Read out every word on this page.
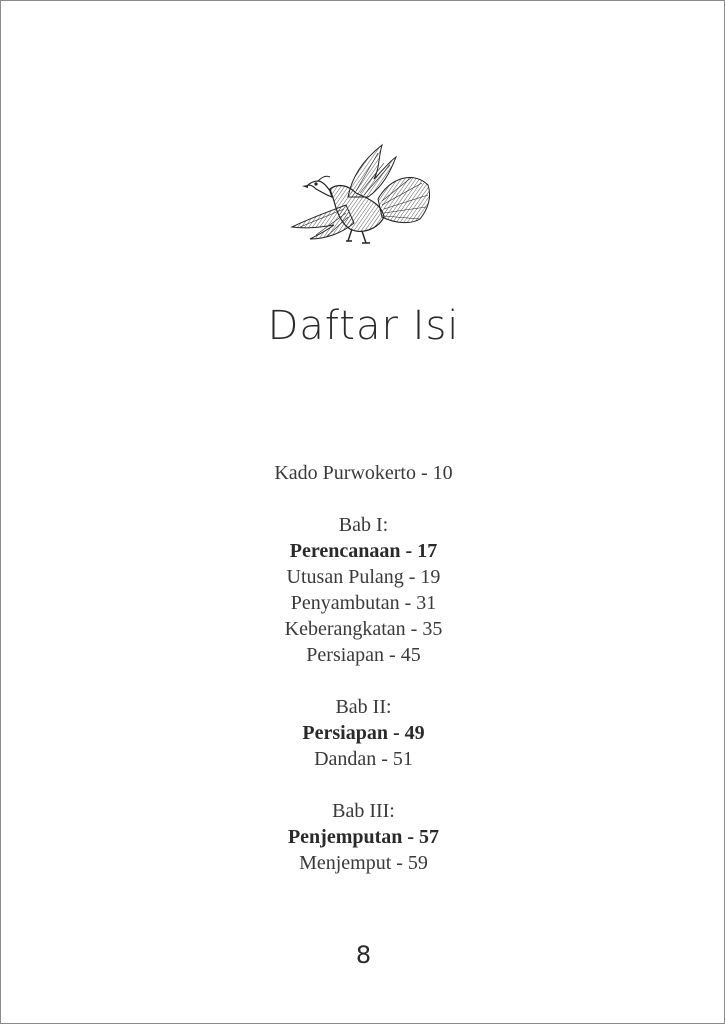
Daftar Isi
Kado Purwokerto - 10
Bab I:
Perencanaan - 17
Utusan Pulang - 19
Penyambutan - 31
Keberangkatan - 35
Persiapan - 45
Bab II:
Persiapan - 49
Dandan - 51
Bab III:
Penjemputan - 57
Menjemput - 59
8
